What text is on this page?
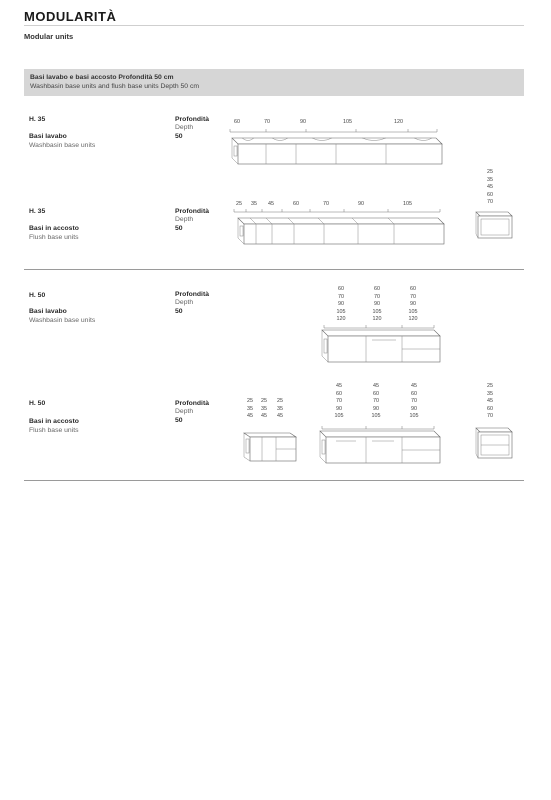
MODULARITÀ
Modular units
Basi lavabo e basi accosto Profondità 50 cm
Washbasin base units and flush base units Depth 50 cm
H. 35
Basi lavabo
Washbasin base units
Profondità
Depth
50
60	70	90	105	120
H. 35
Basi in accosto
Flush base units
Profondità
Depth
50
25 35 45	60	70	90	105
25
35
45
60
70
H. 50
Basi lavabo
Washbasin base units
Profondità
Depth
50
60
70
90
105
120
60
70
90
105
120
60
70
90
105
120
H. 50
Basi in accosto
Flush base units
Profondità
Depth
50
25
35
45
25
35
45
25
35
45
45
60
70
90
105
45
60
70
90
105
45
60
70
90
105
25
35
45
60
70
